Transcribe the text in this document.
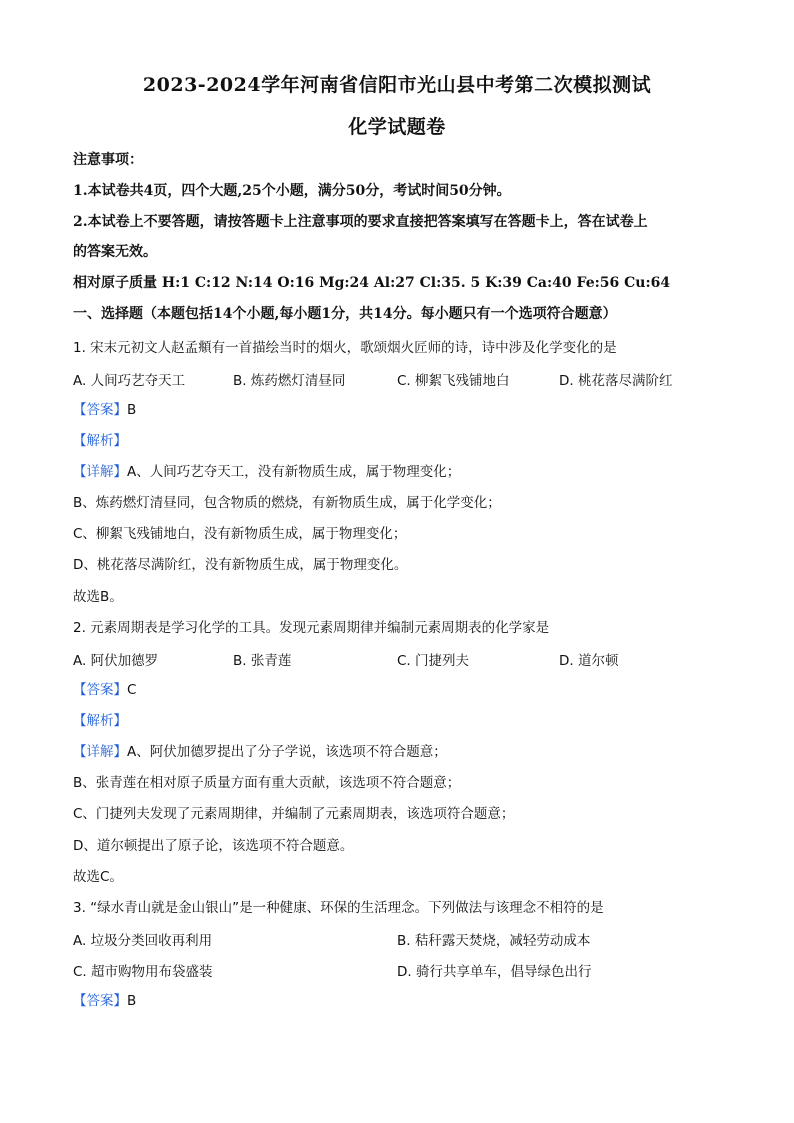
2023-2024学年河南省信阳市光山县中考第二次模拟测试
化学试题卷
注意事项：
1.本试卷共4页，四个大题,25个小题，满分50分，考试时间50分钟。
2.本试卷上不要答题，请按答题卡上注意事项的要求直接把答案填写在答题卡上，答在试卷上
的答案无效。
相对原子质量 H:1 C:12 N:14 O:16 Mg:24 Al:27 Cl:35. 5 K:39 Ca:40 Fe:56 Cu:64
一、选择题（本题包括14个小题,每小题1分，共14分。每小题只有一个选项符合题意）
1. 宋末元初文人赵孟頫有一首描绘当时的烟火，歌颂烟火匠师的诗，诗中涉及化学变化的是
A. 人间巧艺夺天工	B. 炼药燃灯清昼同	C. 柳絮飞残铺地白	D. 桃花落尽满阶红
【答案】B
【解析】
【详解】A、人间巧艺夺天工，没有新物质生成，属于物理变化；
B、炼药燃灯清昼同，包含物质的燃烧，有新物质生成，属于化学变化；
C、柳絮飞残铺地白，没有新物质生成，属于物理变化；
D、桃花落尽满阶红，没有新物质生成，属于物理变化。
故选B。
2. 元素周期表是学习化学的工具。发现元素周期律并编制元素周期表的化学家是
A. 阿伏加德罗	B. 张青莲	C. 门捷列夫	D. 道尔顿
【答案】C
【解析】
【详解】A、阿伏加德罗提出了分子学说，该选项不符合题意；
B、张青莲在相对原子质量方面有重大贡献，该选项不符合题意；
C、门捷列夫发现了元素周期律，并编制了元素周期表，该选项符合题意；
D、道尔顿提出了原子论，该选项不符合题意。
故选C。
3. “绿水青山就是金山银山”是一种健康、环保的生活理念。下列做法与该理念不相符的是
A. 垃圾分类回收再利用	B. 秸秆露天焚烧，减轻劳动成本
C. 超市购物用布袋盛装	D. 骑行共享单车，倡导绿色出行
【答案】B
